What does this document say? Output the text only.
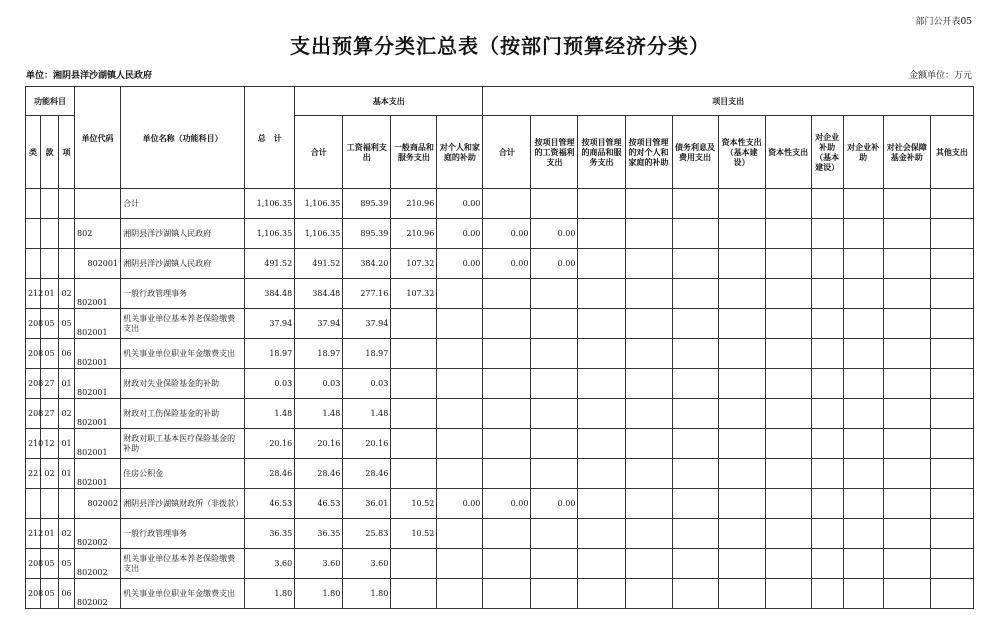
部门公开表05
支出预算分类汇总表（按部门预算经济分类）
单位：湘阴县洋沙湖镇人民政府	金额单位：万元
功能科目			单位代码	单位名称（功能科目）	总　计	基本支出				项目支出										
类	款	项				合计	工资福利支出	一般商品和服务支出	对个人和家庭的补助	合计	按项目管理的工资福利支出	按项目管理的商品和服务支出	按项目管理的对个人和家庭的补助	债务利息及费用支出	资本性支出（基本建设）	资本性支出	对企业补助（基本建设）	对企业补助	对社会保障基金补助	其他支出
				合计	1,106.35	1,106.35	895.39	210.96	0.00											
			802	湘阴县洋沙湖镇人民政府	1,106.35	1,106.35	895.39	210.96	0.00	0.00	0.00									
			802001	湘阴县洋沙湖镇人民政府	491.52	491.52	384.20	107.32	0.00	0.00	0.00									
212	01	02	802001	一般行政管理事务	384.48	384.48	277.16	107.32												
208	05	05	802001	机关事业单位基本养老保险缴费支出	37.94	37.94	37.94													
208	05	06	802001	机关事业单位职业年金缴费支出	18.97	18.97	18.97													
208	27	01	802001	财政对失业保险基金的补助	0.03	0.03	0.03													
208	27	02	802001	财政对工伤保险基金的补助	1.48	1.48	1.48													
210	12	01	802001	财政对职工基本医疗保险基金的补助	20.16	20.16	20.16													
221	02	01	802001	住房公积金	28.46	28.46	28.46													
			802002	湘阴县洋沙湖镇财政所（非拨款）	46.53	46.53	36.01	10.52	0.00	0.00	0.00									
212	01	02	802002	一般行政管理事务	36.35	36.35	25.83	10.52												
208	05	05	802002	机关事业单位基本养老保险缴费支出	3.60	3.60	3.60													
208	05	06	802002	机关事业单位职业年金缴费支出	1.80	1.80	1.80													
